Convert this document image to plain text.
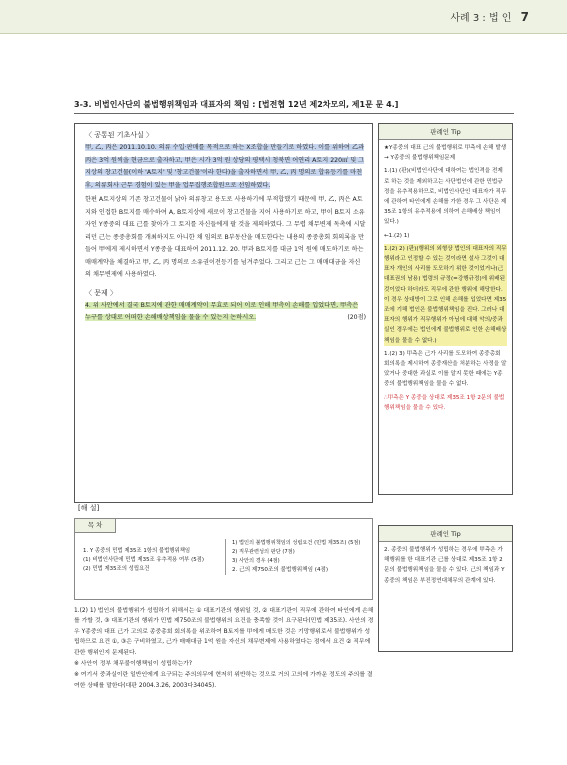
사례 3 : 법 인 7
3-3. 비법인사단의 불법행위책임과 대표자의 책임 : [법전협 12년 제2차모의, 제1문 문 4.]
〈 공통된 기초사실 〉

甲, 乙, 丙은 2011.10.10. 의류 수입·판매를 목적으로 하는 X조합을 만들기로 하였다. 이를 위하여 乙과 丙은 3억 원씩을 현금으로 출자하고, 甲은 시가 3억 원 상당의 평택시 청북면 어연리 A토지 220㎡ 및 그 지상의 창고건물(이하 'A토지' 및 '창고건물'이라 한다)을 출자하면서 甲, 乙, 丙 명의로 합유등기를 마친 후, 의류회사 근무 경험이 있는 甲을 업무집행조합원으로 선임하였다.

한편 A토지상의 기존 창고건물이 낡아 의류창고 용도로 사용하기에 부적합했기 때문에 甲, 乙, 丙은 A토지와 인접한 B토지를 매수하여 A, B토지상에 새로이 창고건물을 지어 사용하기로 하고, 甲이 B토지 소유자인 Y종중의 대표 己를 찾아가 그 토지를 자신들에게 팔 것을 제의하였다. 그 무렵 채무변제 독촉에 시달리던 己는 종중총회를 개최하지도 아니한 채 임의로 B부동산을 매도한다는 내용의 종중총회 회의록을 만들어 甲에게 제시하면서 Y종중을 대표하여 2011.12. 20. 甲과 B토지를 대금 1억 원에 매도하기로 하는 매매계약을 체결하고 甲, 乙, 丙 명의로 소유권이전등기를 넘겨주었다. 그리고 己는 그 매매대금을 자신의 채무변제에 사용하였다.

〈 문제 〉
4. 위 사안에서 결국 B토지에 관한 매매계약이 무효로 되어 이로 인해 甲측이 손해를 입었다면, 甲측은 누구를 상대로 어떠한 손해배상책임을 물을 수 있는지 논하시오.	(20점)
판례인 Tip

★Y종중의 대표 己의 불법행위로 甲측에 손해 발생 → Y종중의 불법행위책임문제

1.(1) (판)(비법인사단에 대하여는 법인격을 전제로 하는 것을 제외하고는 사단법인에 관한 민법규정을 유추적용하므로, 비법인사단인 대표자가 직무에 관하여 타인에게 손해를 가한 경우 그 사단은 제35조 1항의 유추적용에 의하여 손해배상 책임이 있다.)

←1.(2) 1)

1.(2) 2) (판)(행위의 외형상 법인의 대표자의 직무행위라고 인정할 수 있는 것이라면 설사 그것이 대표자 개인의 사리를 도모하기 위한 것이었거나(己 대표권의 남용) 법령의 규정(=강행규정)에 위배된 것이었다 하더라도 직무에 관한 행위에 해당한다. 이 경우 상대방이 그로 인해 손해를 입었다면 제35조에 기해 법인은 불법행위책임을 진다. 그러나 대표자의 행위가 직무행위가 아님에 대해 악의/중과실인 경우에는 법인에게 불법행위로 인한 손해배상책임을 물을 수 없다.)

1.(2) 3) 甲측은 己가 사리를 도모하여 종중총회 회의록을 제시하여 종중재산을 처분하는 사정을 알았거나 중대한 과실로 이를 알지 못한 때에는 Y종중의 불법행위책임을 물을 수 없다.

∴甲측은 Y 종중을 상대로 제35조 1항 2문의 불법행위책임을 물을 수 있다.

[해 설]
목 차
1. Y 종중의 민법 제35조 1항의 불법행위책임
(1) 비법인사단에 민법 제35조 유추적용 여부 (5점)
(2) 민법 제35조의 성립요건
1) 법인의 불법행위책임의 성립요건 (민법 제35조) (5점)
2) 직무관련성의 판단 (7점)
3) 사안의 경우 (4점)
2. 己의 제750조의 불법행위책임 (4점)
판례인 Tip

2. 종중의 불법행위가 성립하는 경우에 甲측은 가해행위를 한 대표기관 己를 상대로 제35조 1항 2문의 불법행위책임을 물을 수 있다. 己의 책임과 Y 종중의 책임은 부진정연대채무의 관계에 있다.

1.(2) 1) 법인의 불법행위가 성립하기 위해서는 ① 대표기관의 행위일 것, ② 대표기관이 직무에 관하여 타인에게 손해를 가할 것, ③ 대표기관의 행위가 민법 제750조의 불법행위의 요건을 충족할 것이 요구된다(민법 제35조). 사안의 경우 Y종중의 대표 己가 고의로 종중총회 회의록을 위조하여 B토지를 甲에게 매도한 것은 기망행위로서 불법행위가 성립하므로 요건 ①, ③은 구비하였고, 己가 매매대금 1억 원을 자신의 채무변제에 사용하였다는 점에서 요건 ② 직무에 관한 행위인지 문제된다.

※ 사안이 정부 채무불이행책임이 성립하는가?

※ 여기서 중과실이란 일반인에게 요구되는 주의의무에 현저히 위반하는 것으로 거의 고의에 가까운 정도의 주의를 결여한 상태를 말한다(대판 2004.3.26, 2003다34045).
